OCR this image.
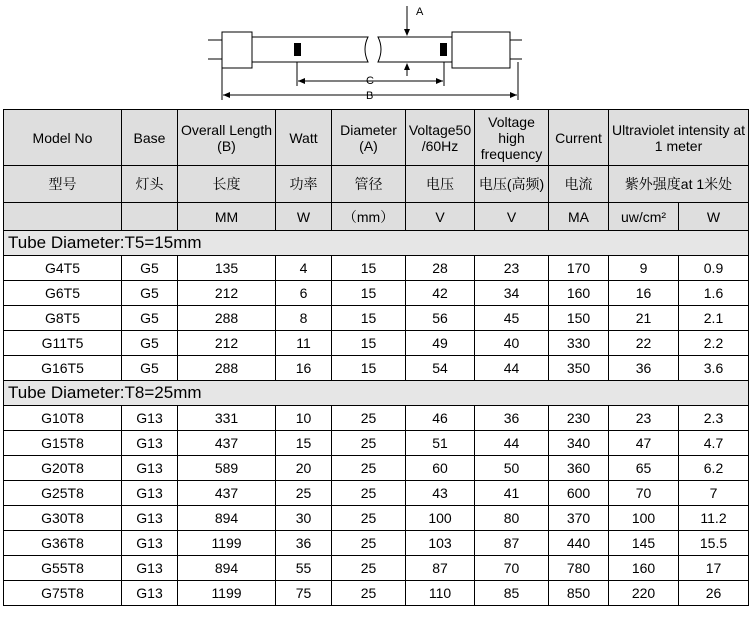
A
C
B
Model No	Base	Overall Length (B)	Watt	Diameter (A)	Voltage50 /60Hz	Voltage high frequency	Current	Ultraviolet intensity at 1 meter	
型号	灯头	长度	功率	管径	电压	电压(高频)	电流	紫外强度at 1米处	
		MM	W	（mm）	V	V	MA	uw/cm²	W
Tube Diameter:T5=15mm									
G4T5	G5	135	4	15	28	23	170	9	0.9
G6T5	G5	212	6	15	42	34	160	16	1.6
G8T5	G5	288	8	15	56	45	150	21	2.1
G11T5	G5	212	11	15	49	40	330	22	2.2
G16T5	G5	288	16	15	54	44	350	36	3.6
Tube Diameter:T8=25mm									
G10T8	G13	331	10	25	46	36	230	23	2.3
G15T8	G13	437	15	25	51	44	340	47	4.7
G20T8	G13	589	20	25	60	50	360	65	6.2
G25T8	G13	437	25	25	43	41	600	70	7
G30T8	G13	894	30	25	100	80	370	100	11.2
G36T8	G13	1199	36	25	103	87	440	145	15.5
G55T8	G13	894	55	25	87	70	780	160	17
G75T8	G13	1199	75	25	110	85	850	220	26
